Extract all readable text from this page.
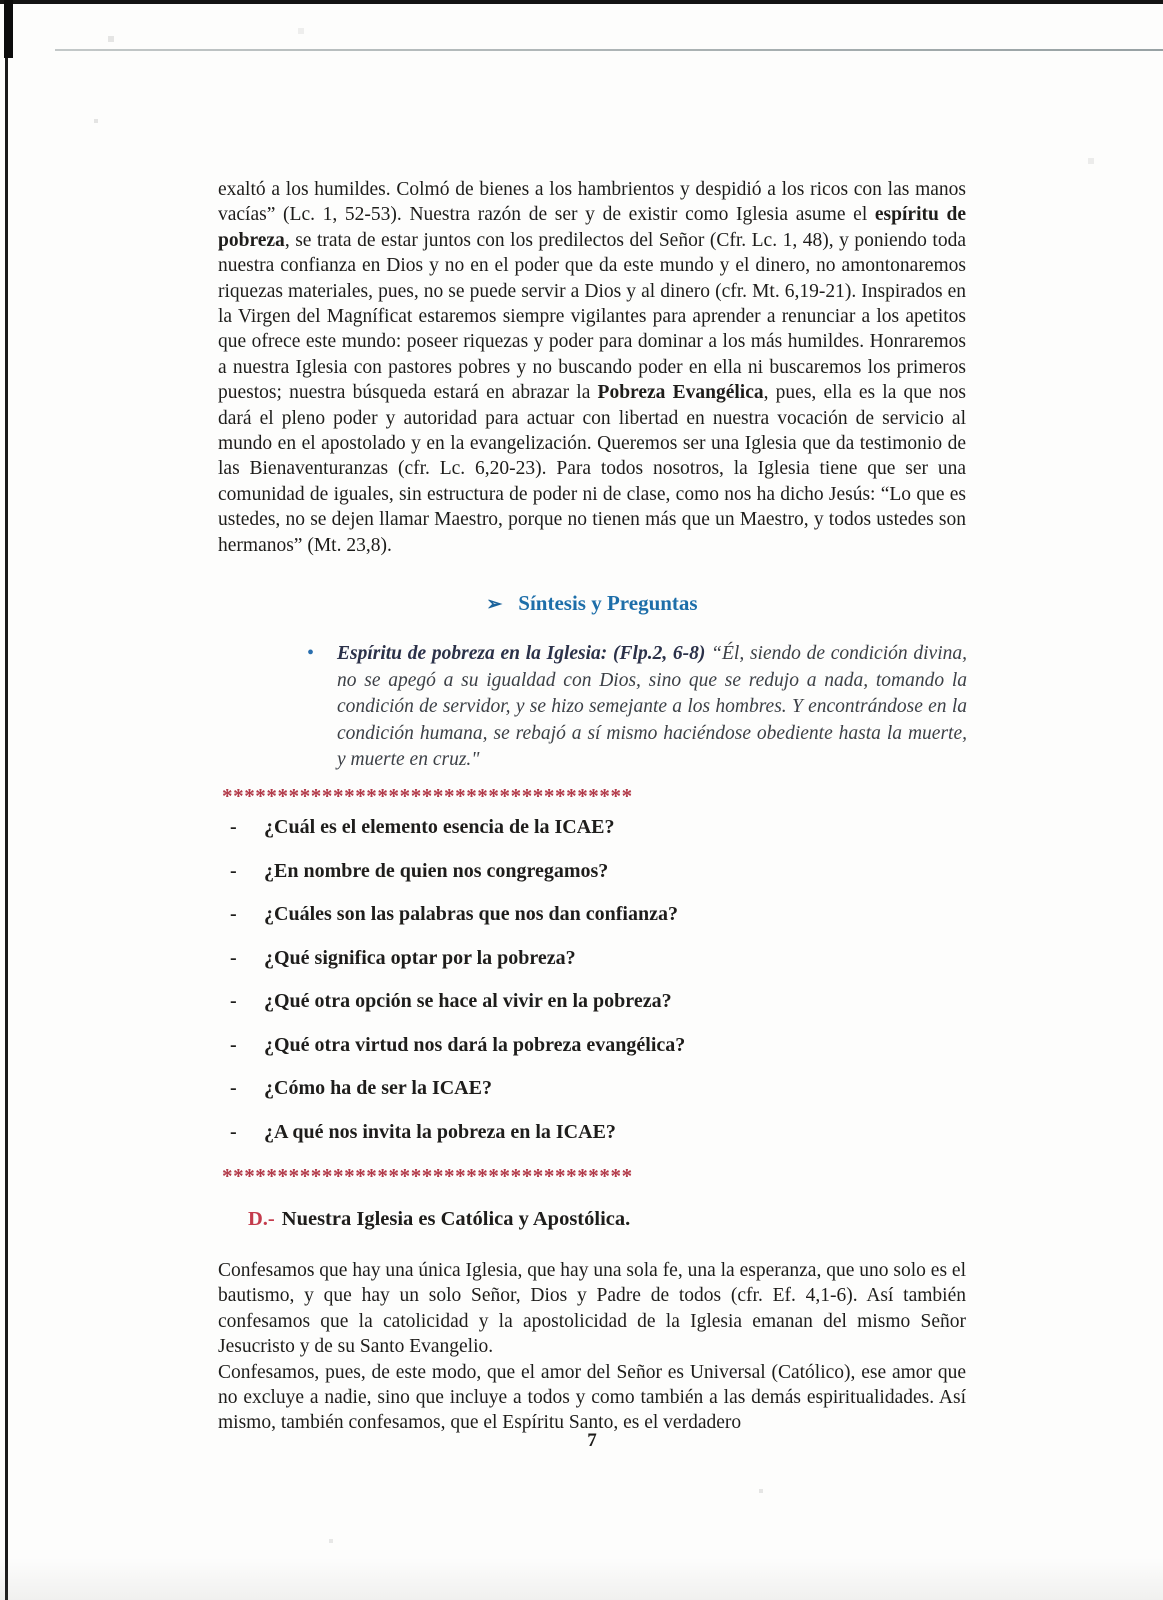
exaltó a los humildes. Colmó de bienes a los hambrientos y despidió a los ricos con las manos vacías” (Lc. 1, 52-53). Nuestra razón de ser y de existir como Iglesia asume el espíritu de pobreza, se trata de estar juntos con los predilectos del Señor (Cfr. Lc. 1, 48), y poniendo toda nuestra confianza en Dios y no en el poder que da este mundo y el dinero, no amontonaremos riquezas materiales, pues, no se puede servir a Dios y al dinero (cfr. Mt. 6,19-21). Inspirados en la Virgen del Magníficat estaremos siempre vigilantes para aprender a renunciar a los apetitos que ofrece este mundo: poseer riquezas y poder para dominar a los más humildes. Honraremos a nuestra Iglesia con pastores pobres y no buscando poder en ella ni buscaremos los primeros puestos; nuestra búsqueda estará en abrazar la Pobreza Evangélica, pues, ella es la que nos dará el pleno poder y autoridad para actuar con libertad en nuestra vocación de servicio al mundo en el apostolado y en la evangelización. Queremos ser una Iglesia que da testimonio de las Bienaventuranzas (cfr. Lc. 6,20-23). Para todos nosotros, la Iglesia tiene que ser una comunidad de iguales, sin estructura de poder ni de clase, como nos ha dicho Jesús: “Lo que es ustedes, no se dejen llamar Maestro, porque no tienen más que un Maestro, y todos ustedes son hermanos” (Mt. 23,8).

➢ Síntesis y Preguntas
• Espíritu de pobreza en la Iglesia: (Flp.2, 6-8) “Él, siendo de condición divina, no se apegó a su igualdad con Dios, sino que se redujo a nada, tomando la condición de servidor, y se hizo semejante a los hombres. Y encontrándose en la condición humana, se rebajó a sí mismo haciéndose obediente hasta la muerte, y muerte en cruz."

*************************************
- ¿Cuál es el elemento esencia de la ICAE?
- ¿En nombre de quien nos congregamos?
- ¿Cuáles son las palabras que nos dan confianza?
- ¿Qué significa optar por la pobreza?
- ¿Qué otra opción se hace al vivir en la pobreza?
- ¿Qué otra virtud nos dará la pobreza evangélica?
- ¿Cómo ha de ser la ICAE?
- ¿A qué nos invita la pobreza en la ICAE?
*************************************
D.- Nuestra Iglesia es Católica y Apostólica.

Confesamos que hay una única Iglesia, que hay una sola fe, una la esperanza, que uno solo es el bautismo, y que hay un solo Señor, Dios y Padre de todos (cfr. Ef. 4,1-6). Así también confesamos que la catolicidad y la apostolicidad de la Iglesia emanan del mismo Señor Jesucristo y de su Santo Evangelio.

Confesamos, pues, de este modo, que el amor del Señor es Universal (Católico), ese amor que no excluye a nadie, sino que incluye a todos y como también a las demás espiritualidades. Así mismo, también confesamos, que el Espíritu Santo, es el verdadero

7
